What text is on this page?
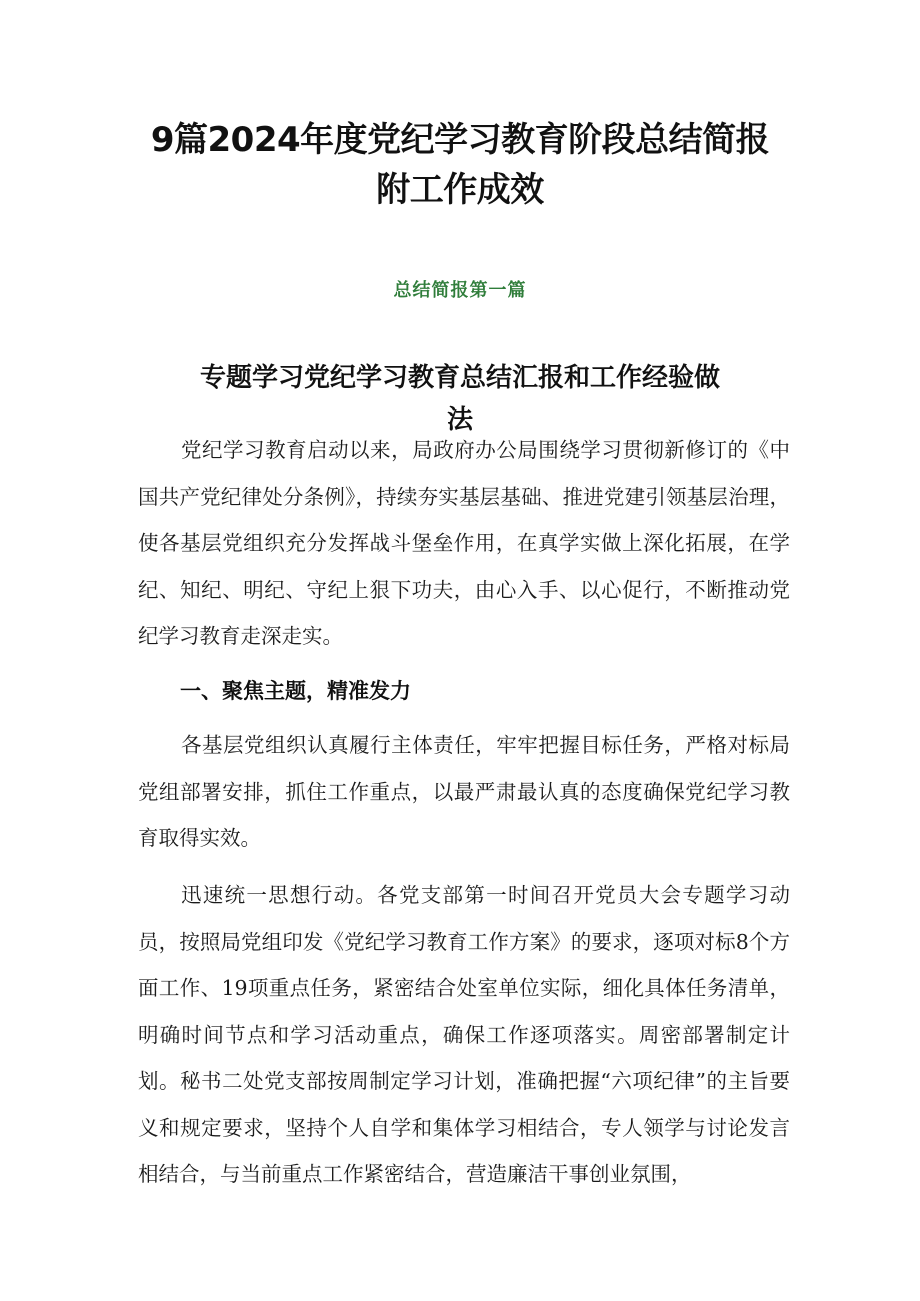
9篇2024年度党纪学习教育阶段总结简报
附工作成效
总结简报第一篇
专题学习党纪学习教育总结汇报和工作经验做
法

党纪学习教育启动以来，局政府办公局围绕学习贯彻新修订的《中国共产党纪律处分条例》，持续夯实基层基础、推进党建引领基层治理，使各基层党组织充分发挥战斗堡垒作用，在真学实做上深化拓展，在学纪、知纪、明纪、守纪上狠下功夫，由心入手、以心促行，不断推动党纪学习教育走深走实。

一、聚焦主题，精准发力

各基层党组织认真履行主体责任，牢牢把握目标任务，严格对标局党组部署安排，抓住工作重点，以最严肃最认真的态度确保党纪学习教育取得实效。

迅速统一思想行动。各党支部第一时间召开党员大会专题学习动员，按照局党组印发《党纪学习教育工作方案》的要求，逐项对标8个方面工作、19项重点任务，紧密结合处室单位实际，细化具体任务清单，明确时间节点和学习活动重点，确保工作逐项落实。周密部署制定计划。秘书二处党支部按周制定学习计划，准确把握“六项纪律”的主旨要义和规定要求，坚持个人自学和集体学习相结合，专人领学与讨论发言相结合，与当前重点工作紧密结合，营造廉洁干事创业氛围，
